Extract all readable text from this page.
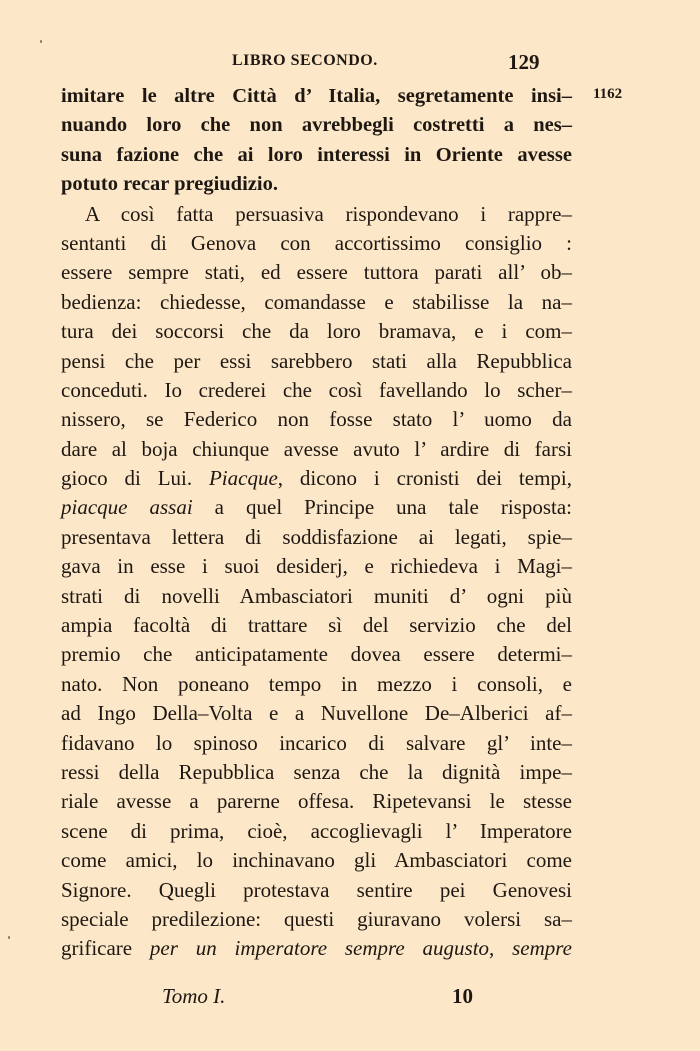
LIBRO SECONDO.	129
1162
imitare le altre Città d’ Italia, segretamente insi–
nuando loro che non avrebbegli costretti a nes–
suna fazione che ai loro interessi in Oriente avesse
potuto recar pregiudizio.
A così fatta persuasiva rispondevano i rappre–
sentanti di Genova con accortissimo consiglio :
essere sempre stati, ed essere tuttora parati all’ ob–
bedienza: chiedesse, comandasse e stabilisse la na–
tura dei soccorsi che da loro bramava, e i com–
pensi che per essi sarebbero stati alla Repubblica
conceduti. Io crederei che così favellando lo scher–
nissero, se Federico non fosse stato l’ uomo da
dare al boja chiunque avesse avuto l’ ardire di farsi
gioco di Lui. Piacque, dicono i cronisti dei tempi,
piacque assai a quel Principe una tale risposta:
presentava lettera di soddisfazione ai legati, spie–
gava in esse i suoi desiderj, e richiedeva i Magi–
strati di novelli Ambasciatori muniti d’ ogni più
ampia facoltà di trattare sì del servizio che del
premio che anticipatamente dovea essere determi–
nato. Non poneano tempo in mezzo i consoli, e
ad Ingo Della–Volta e a Nuvellone De–Alberici af–
fidavano lo spinoso incarico di salvare gl’ inte–
ressi della Repubblica senza che la dignità impe–
riale avesse a parerne offesa. Ripetevansi le stesse
scene di prima, cioè, accoglievagli l’ Imperatore
come amici, lo inchinavano gli Ambasciatori come
Signore. Quegli protestava sentire pei Genovesi
speciale predilezione: questi giuravano volersi sa–
grificare per un imperatore sempre augusto, sempre
Tomo I.	10
